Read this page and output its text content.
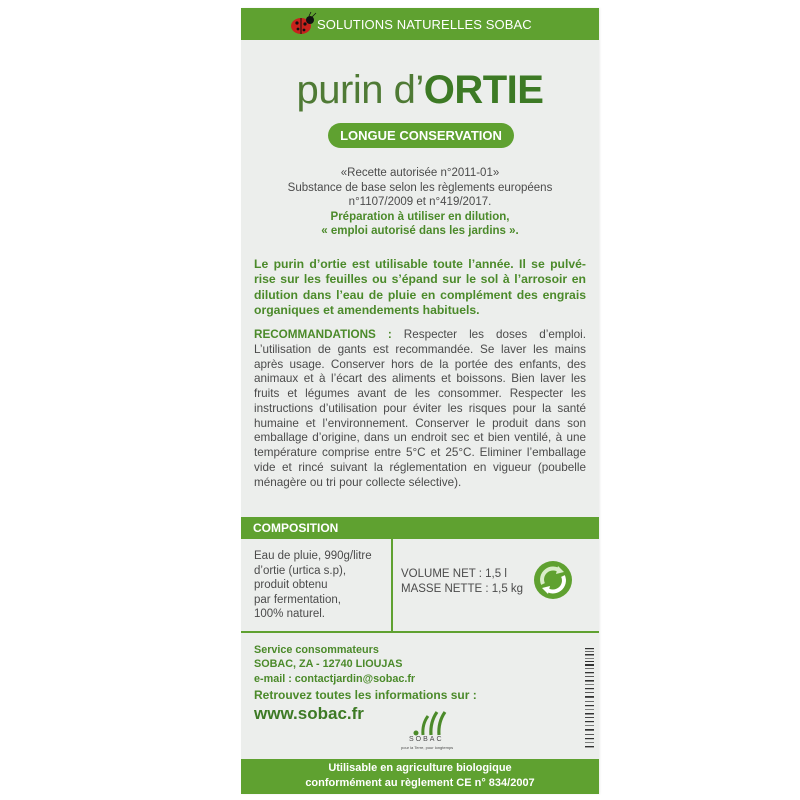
SOLUTIONS NATURELLES SOBAC
purin d’ORTIE
LONGUE CONSERVATION
«Recette autorisée n°2011-01»
Substance de base selon les règlements européens
n°1107/2009 et n°419/2017.
Préparation à utiliser en dilution,
« emploi autorisé dans les jardins ».
Le purin d’ortie est utilisable toute l’année. Il se pulvé-rise sur les feuilles ou s’épand sur le sol à l’arrosoir en dilution dans l’eau de pluie en complément des engrais organiques et amendements habituels.
RECOMMANDATIONS : Respecter les doses d’emploi. L’utilisation de gants est recommandée. Se laver les mains après usage. Conserver hors de la portée des enfants, des animaux et à l’écart des aliments et boissons. Bien laver les fruits et légumes avant de les consommer. Respecter les instructions d’utilisation pour éviter les risques pour la santé humaine et l’environnement. Conserver le produit dans son emballage d’origine, dans un endroit sec et bien ventilé, à une température comprise entre 5°C et 25°C. Eliminer l’emballage vide et rincé suivant la réglementation en vigueur (poubelle ménagère ou tri pour collecte sélective).
COMPOSITION
Eau de pluie, 990g/litre
d’ortie (urtica s.p),
produit obtenu
par fermentation,
100% naturel.
VOLUME NET : 1,5 l
MASSE NETTE : 1,5 kg
Service consommateurs
SOBAC, ZA - 12740 LIOUJAS
e-mail : contactjardin@sobac.fr
Retrouvez toutes les informations sur :
www.sobac.fr
SOBAC
pour la Terre, pour longtemps
Utilisable en agriculture biologique
conformément au règlement CE n° 834/2007
